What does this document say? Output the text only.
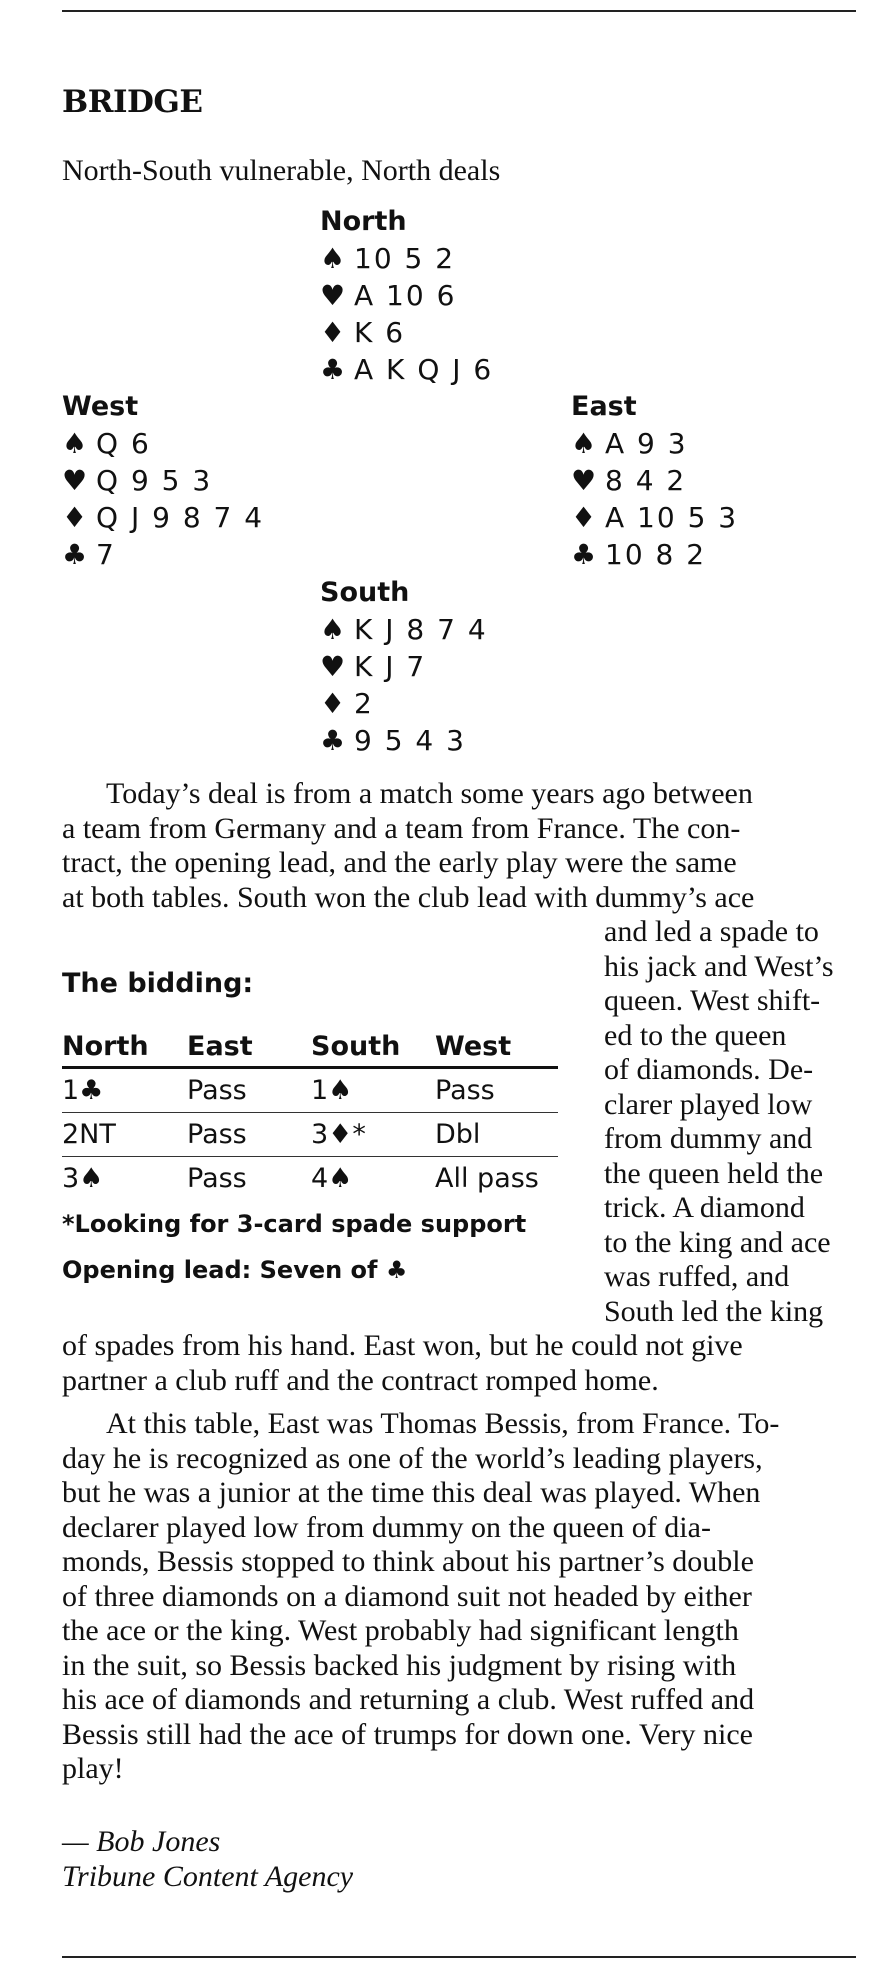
BRIDGE
North-South vulnerable, North deals
North
♠ 10 5 2
♥ A 10 6
♦ K 6
♣ A K Q J 6
West
♠ Q 6
♥ Q 9 5 3
♦ Q J 9 8 7 4
♣ 7
East
♠ A 9 3
♥ 8 4 2
♦ A 10 5 3
♣ 10 8 2
South
♠ K J 8 7 4
♥ K J 7
♦ 2
♣ 9 5 4 3
Today’s deal is from a match some years ago between
a team from Germany and a team from France. The con-
tract, the opening lead, and the early play were the same
at both tables. South won the club lead with dummy’s ace
and led a spade to
his jack and West’s
queen. West shift-
ed to the queen
of diamonds. De-
clarer played low
from dummy and
the queen held the
trick. A diamond
to the king and ace
was ruffed, and
South led the king
The bidding:
North	East	South	West
1♣	Pass	1♠	Pass
2NT	Pass	3♦*	Dbl
3♠	Pass	4♠	All pass
*Looking for 3-card spade support
Opening lead: Seven of ♣
of spades from his hand. East won, but he could not give
partner a club ruff and the contract romped home.
At this table, East was Thomas Bessis, from France. To-
day he is recognized as one of the world’s leading players,
but he was a junior at the time this deal was played. When
declarer played low from dummy on the queen of dia-
monds, Bessis stopped to think about his partner’s double
of three diamonds on a diamond suit not headed by either
the ace or the king. West probably had significant length
in the suit, so Bessis backed his judgment by rising with
his ace of diamonds and returning a club. West ruffed and
Bessis still had the ace of trumps for down one. Very nice
play!
— Bob Jones
Tribune Content Agency
